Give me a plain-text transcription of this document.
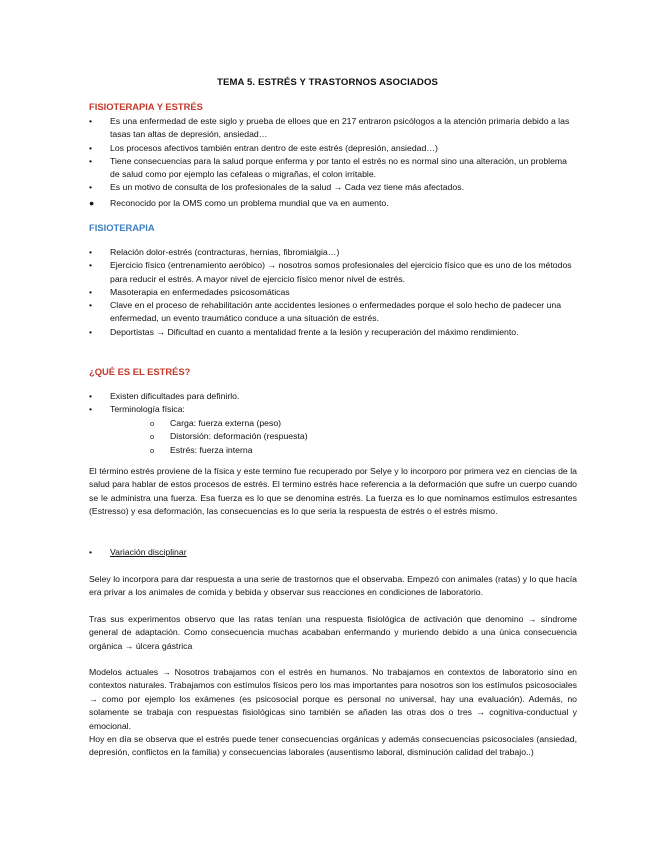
TEMA 5. ESTRÉS Y TRASTORNOS ASOCIADOS
FISIOTERAPIA Y ESTRÉS
• Es una enfermedad de este siglo y prueba de elloes que en 217 entraron psicólogos a la atención primaria debido a las tasas tan altas de depresión, ansiedad…
• Los procesos afectivos también entran dentro de este estrés (depresión, ansiedad…)
• Tiene consecuencias para la salud porque enferma y por tanto el estrés no es normal sino una alteración, un problema de salud como por ejemplo las cefaleas o migrañas, el colon irritable.
• Es un motivo de consulta de los profesionales de la salud → Cada vez tiene más afectados.
● Reconocido por la OMS como un problema mundial que va en aumento.
FISIOTERAPIA
• Relación dolor-estrés (contracturas, hernias, fibromialgia…)
• Ejercicio físico (entrenamiento aeróbico) → nosotros somos profesionales del ejercicio físico que es uno de los métodos para reducir el estrés. A mayor nivel de ejercicio físico menor nivel de estrés.
• Masoterapia en enfermedades psicosomáticas
• Clave en el proceso de rehabilitación ante accidentes lesiones o enfermedades porque el solo hecho de padecer una enfermedad, un evento traumático conduce a una situación de estrés.
• Deportistas → Dificultad en cuanto a mentalidad frente a la lesión y recuperación del máximo rendimiento.
¿QUÉ ES EL ESTRÉS?
• Existen dificultades para definirlo.
• Terminología física:
o Carga: fuerza externa (peso)
o Distorsión: deformación (respuesta)
o Estrés: fuerza interna

El término estrés proviene de la física y este termino fue recuperado por Selye y lo incorporo por primera vez en ciencias de la salud para hablar de estos procesos de estrés. El termino estrés hace referencia a la deformación que sufre un cuerpo cuando se le administra una fuerza. Esa fuerza es lo que se denomina estrés. La fuerza es lo que nominamos estímulos estresantes (Estresso) y esa deformación, las consecuencias es lo que seria la respuesta de estrés o el estrés mismo.

• Variación disciplinar

Seley lo incorpora para dar respuesta a una serie de trastornos que el observaba. Empezó con animales (ratas) y lo que hacía era privar a los animales de comida y bebida y observar sus reacciones en condiciones de laboratorio.

Tras sus experimentos observo que las ratas tenían una respuesta fisiológica de activación que denomino → síndrome general de adaptación. Como consecuencia muchas acababan enfermando y muriendo debido a una única consecuencia orgánica → úlcera gástrica

Modelos actuales → Nosotros trabajamos con el estrés en humanos. No trabajamos en contextos de laboratorio sino en contextos naturales. Trabajamos con estímulos físicos pero los mas importantes para nosotros son los estímulos psicosociales → como por ejemplo los exámenes (es psicosocial porque es personal no universal, hay una evaluación). Además, no solamente se trabaja con respuestas fisiológicas sino también se añaden las otras dos o tres → cognitiva-conductual y emocional.

Hoy en día se observa que el estrés puede tener consecuencias orgánicas y además consecuencias psicosociales (ansiedad, depresión, conflictos en la familia) y consecuencias laborales (ausentismo laboral, disminución calidad del trabajo..)
